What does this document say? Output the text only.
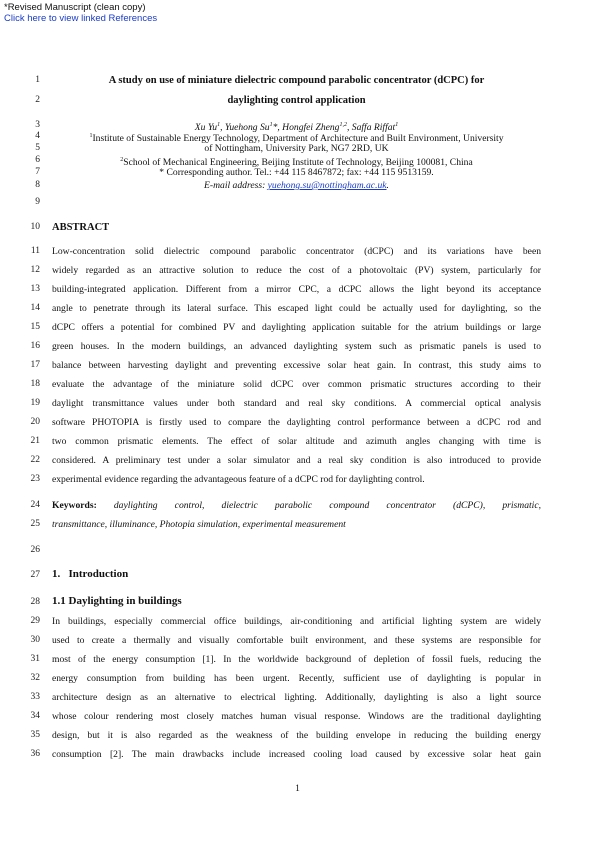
*Revised Manuscript (clean copy)
Click here to view linked References
1
2
3
4
5
6
7
8
9
10
11
12
13
14
15
16
17
18
19
20
21
22
23
24
25
26
27
28
29
30
31
32
33
34
35
36
A study on use of miniature dielectric compound parabolic concentrator (dCPC) for
daylighting control application
Xu Yu$^1$, Yuehong Su$^1$*, Hongfei Zheng$^{1,2}$, Saffa Riffat$^1$
$^1$Institute of Sustainable Energy Technology, Department of Architecture and Built Environment, University
of Nottingham, University Park, NG7 2RD, UK
$^2$School of Mechanical Engineering, Beijing Institute of Technology, Beijing 100081, China
* Corresponding author. Tel.: +44 115 8467872; fax: +44 115 9513159.
E-mail address: yuehong.su@nottingham.ac.uk.
ABSTRACT
Low-concentration solid dielectric compound parabolic concentrator (dCPC) and its variations have been
widely regarded as an attractive solution to reduce the cost of a photovoltaic (PV) system, particularly for
building-integrated application. Different from a mirror CPC, a dCPC allows the light beyond its acceptance
angle to penetrate through its lateral surface. This escaped light could be actually used for daylighting, so the
dCPC offers a potential for combined PV and daylighting application suitable for the atrium buildings or large
green houses. In the modern buildings, an advanced daylighting system such as prismatic panels is used to
balance between harvesting daylight and preventing excessive solar heat gain. In contrast, this study aims to
evaluate the advantage of the miniature solid dCPC over common prismatic structures according to their
daylight transmittance values under both standard and real sky conditions. A commercial optical analysis
software PHOTOPIA is firstly used to compare the daylighting control performance between a dCPC rod and
two common prismatic elements. The effect of solar altitude and azimuth angles changing with time is
considered. A preliminary test under a solar simulator and a real sky condition is also introduced to provide
experimental evidence regarding the advantageous feature of a dCPC rod for daylighting control.
Keywords: daylighting control, dielectric parabolic compound concentrator (dCPC), prismatic,
transmittance, illuminance, Photopia simulation, experimental measurement
1. Introduction
1.1 Daylighting in buildings
In buildings, especially commercial office buildings, air-conditioning and artificial lighting system are widely
used to create a thermally and visually comfortable built environment, and these systems are responsible for
most of the energy consumption [1]. In the worldwide background of depletion of fossil fuels, reducing the
energy consumption from building has been urgent. Recently, sufficient use of daylighting is popular in
architecture design as an alternative to electrical lighting. Additionally, daylighting is also a light source
whose colour rendering most closely matches human visual response. Windows are the traditional daylighting
design, but it is also regarded as the weakness of the building envelope in reducing the building energy
consumption [2]. The main drawbacks include increased cooling load caused by excessive solar heat gain
1
